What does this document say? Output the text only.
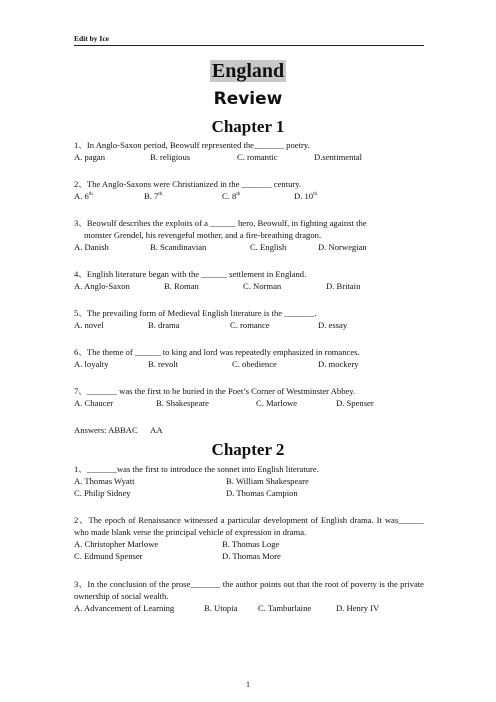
Edit by Ice
England
Review
Chapter 1
1、In Anglo-Saxon period, Beowulf represented the_______ poetry.
A. pagan	B. religious	C. romantic	D.sentimental
2、The Anglo-Saxons were Christianized in the _______ century.
A. 6th	B. 7th	C. 8th	D. 10th
3、Beowulf describes the exploits of a ______ hero, Beowulf, in fighting against the
monster Grendel, his revengeful mother, and a fire-breathing dragon.
A. Danish	B. Scandinavian	C. English	D. Norwegian
4、English literature began with the ______ settlement in England.
A. Anglo-Saxon	B. Roman	C. Norman	D. Britain
5、The prevailing form of Medieval English literature is the _______.
A. novel	B. drama	C. romance	D. essay
6、The theme of ______ to king and lord was repeatedly emphasized in romances.
A. loyalty	B. revolt	C. obedience	D. mockery
7、_______ was the first to be buried in the Poet’s Corner of Westminster Abbey.
A. Chaucer	B. Shakespeare	C. Marlowe	D. Spenser
Answers: ABBAC      AA
Chapter 2
1、_______was the first to introduce the sonnet into English literature.
A. Thomas Wyatt	B. William Shakespeare
C. Philip Sidney	D. Thomas Campion
2、The epoch of Renaissance witnessed a particular development of English drama. It was______ who made blank verse the principal vehicle of expression in drama.
A. Christopher Marlowe	B. Thomas Loge
C. Edmund Spenser	D. Thomas More
3、In the conclusion of the prose_______ the author points out that the root of poverty is the private ownership of social wealth.
A. Advancement of Learning	B. Utopia C. Tamburlaine	D. Henry IV
1
